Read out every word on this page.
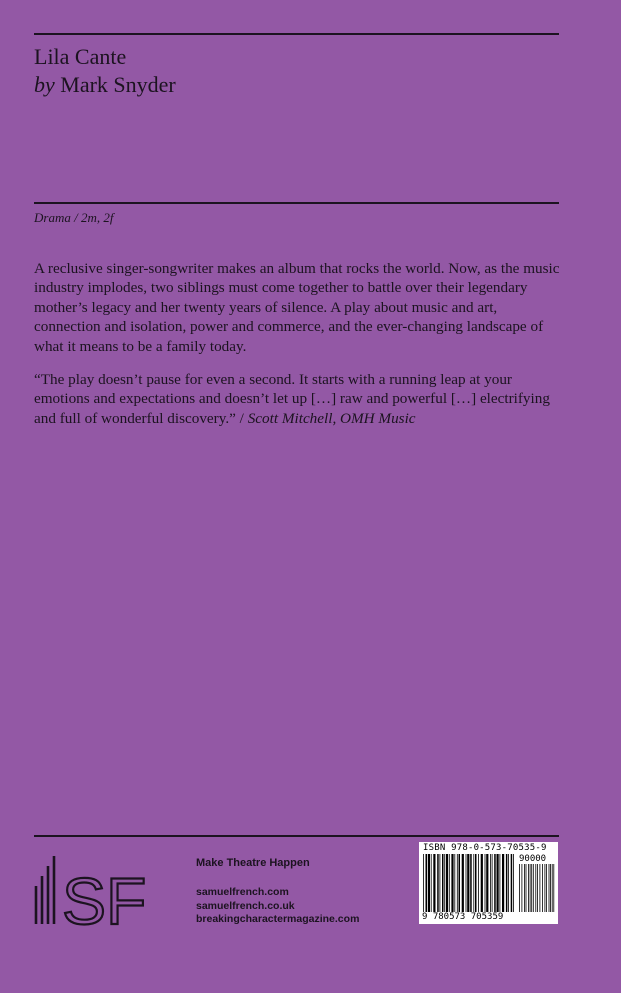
Lila Cante
by Mark Snyder
Drama / 2m, 2f

A reclusive singer-songwriter makes an album that rocks the world. Now, as the music industry implodes, two siblings must come together to battle over their legendary mother’s legacy and her twenty years of silence. A play about music and art, connection and isolation, power and commerce, and the ever-changing landscape of what it means to be a family today.

“The play doesn’t pause for even a second. It starts with a running leap at your emotions and expectations and doesn’t let up […] raw and powerful […] electrifying and full of wonderful discovery.” / Scott Mitchell, OMH Music

SF
Make Theatre Happen
samuelfrench.com
samuelfrench.co.uk
breakingcharactermagazine.com
ISBN 978-0-573-70535-9
90000
9 780573 705359
